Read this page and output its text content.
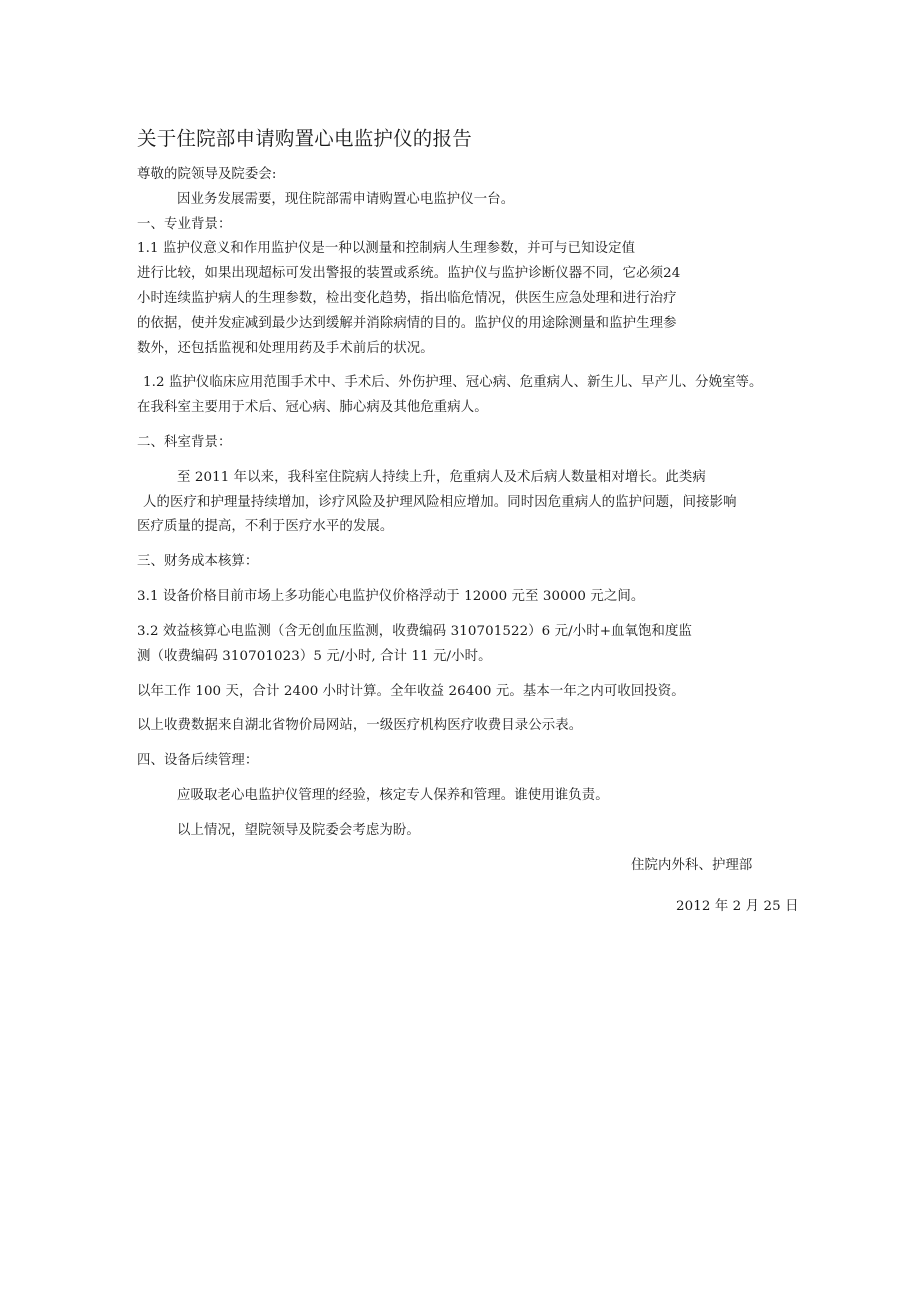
关于住院部申请购置心电监护仪的报告
尊敬的院领导及院委会:
因业务发展需要，现住院部需申请购置心电监护仪一台。
一、专业背景：
1.1 监护仪意义和作用监护仪是一种以测量和控制病人生理参数，并可与已知设定值
进行比较，如果出现超标可发出警报的装置或系统。监护仪与监护诊断仪器不同，它必须24
小时连续监护病人的生理参数，检出变化趋势，指出临危情况，供医生应急处理和进行治疗
的依据，使并发症减到最少达到缓解并消除病情的目的。监护仪的用途除测量和监护生理参
数外，还包括监视和处理用药及手术前后的状况。
1.2 监护仪临床应用范围手术中、手术后、外伤护理、冠心病、危重病人、新生儿、早产儿、分娩室等。
在我科室主要用于术后、冠心病、肺心病及其他危重病人。
二、科室背景：
至 2011 年以来，我科室住院病人持续上升，危重病人及术后病人数量相对增长。此类病
人的医疗和护理量持续增加，诊疗风险及护理风险相应增加。同时因危重病人的监护问题，间接影响
医疗质量的提高，不利于医疗水平的发展。
三、财务成本核算：
3.1 设备价格目前市场上多功能心电监护仪价格浮动于 12000 元至 30000 元之间。
3.2 效益核算心电监测（含无创血压监测，收费编码 310701522）6 元/小时+血氧饱和度监
测（收费编码 310701023）5 元/小时, 合计 11 元/小时。
以年工作 100 天，合计 2400 小时计算。全年收益 26400 元。基本一年之内可收回投资。
以上收费数据来自湖北省物价局网站，一级医疗机构医疗收费目录公示表。
四、设备后续管理：
应吸取老心电监护仪管理的经验，核定专人保养和管理。谁使用谁负责。
以上情况，望院领导及院委会考虑为盼。
住院内外科、护理部
2012 年 2 月 25 日
